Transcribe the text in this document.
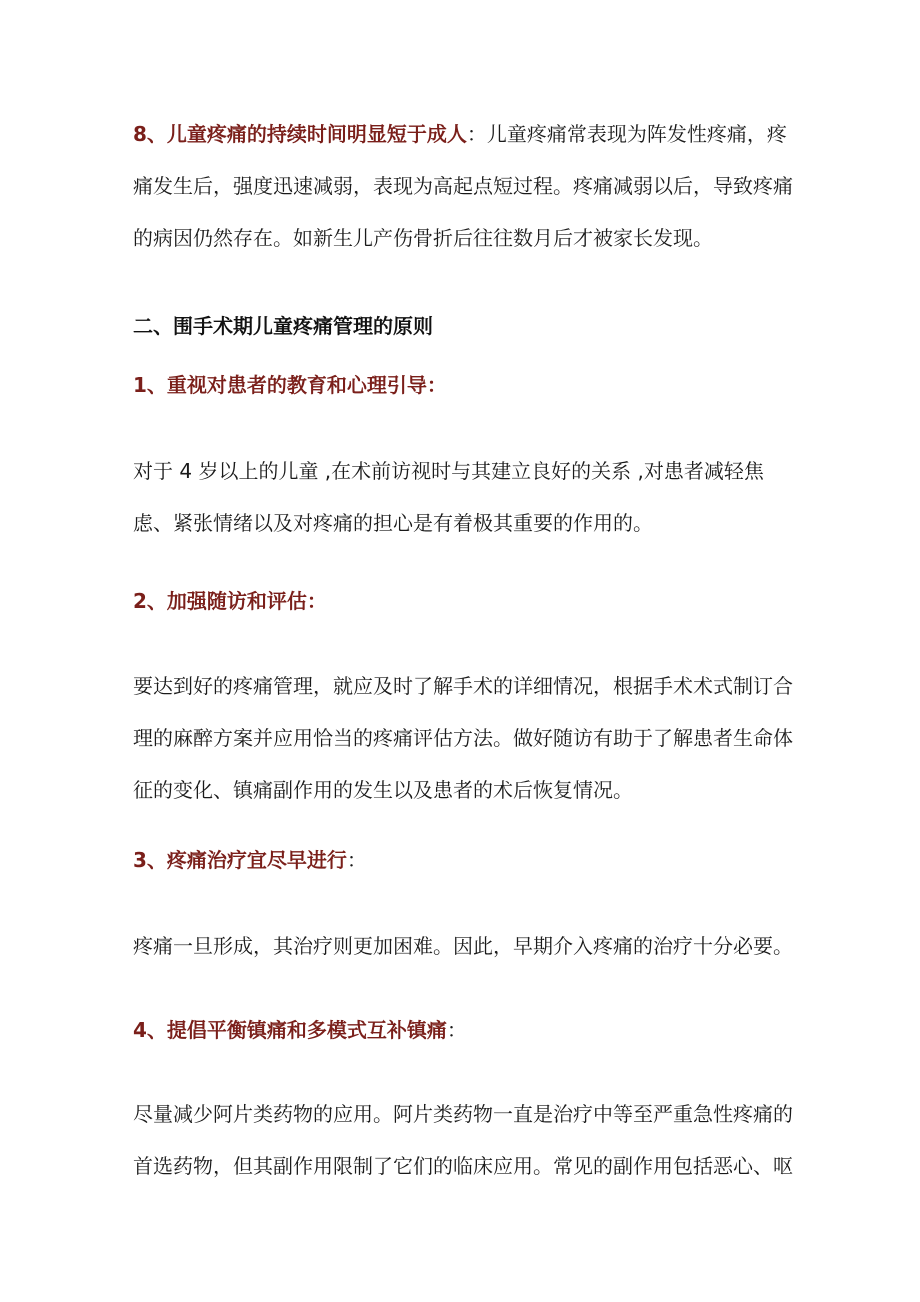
8、儿童疼痛的持续时间明显短于成人：儿童疼痛常表现为阵发性疼痛，疼痛发生后，强度迅速减弱，表现为高起点短过程。疼痛减弱以后，导致疼痛的病因仍然存在。如新生儿产伤骨折后往往数月后才被家长发现。

二、围手术期儿童疼痛管理的原则

1、重视对患者的教育和心理引导：

对于 4 岁以上的儿童 ,在术前访视时与其建立良好的关系 ,对患者减轻焦虑、紧张情绪以及对疼痛的担心是有着极其重要的作用的。

2、加强随访和评估：

要达到好的疼痛管理，就应及时了解手术的详细情况，根据手术术式制订合理的麻醉方案并应用恰当的疼痛评估方法。做好随访有助于了解患者生命体征的变化、镇痛副作用的发生以及患者的术后恢复情况。

3、疼痛治疗宜尽早进行：

疼痛一旦形成，其治疗则更加困难。因此，早期介入疼痛的治疗十分必要。

4、提倡平衡镇痛和多模式互补镇痛：

尽量减少阿片类药物的应用。阿片类药物一直是治疗中等至严重急性疼痛的首选药物，但其副作用限制了它们的临床应用。常见的副作用包括恶心、呕
